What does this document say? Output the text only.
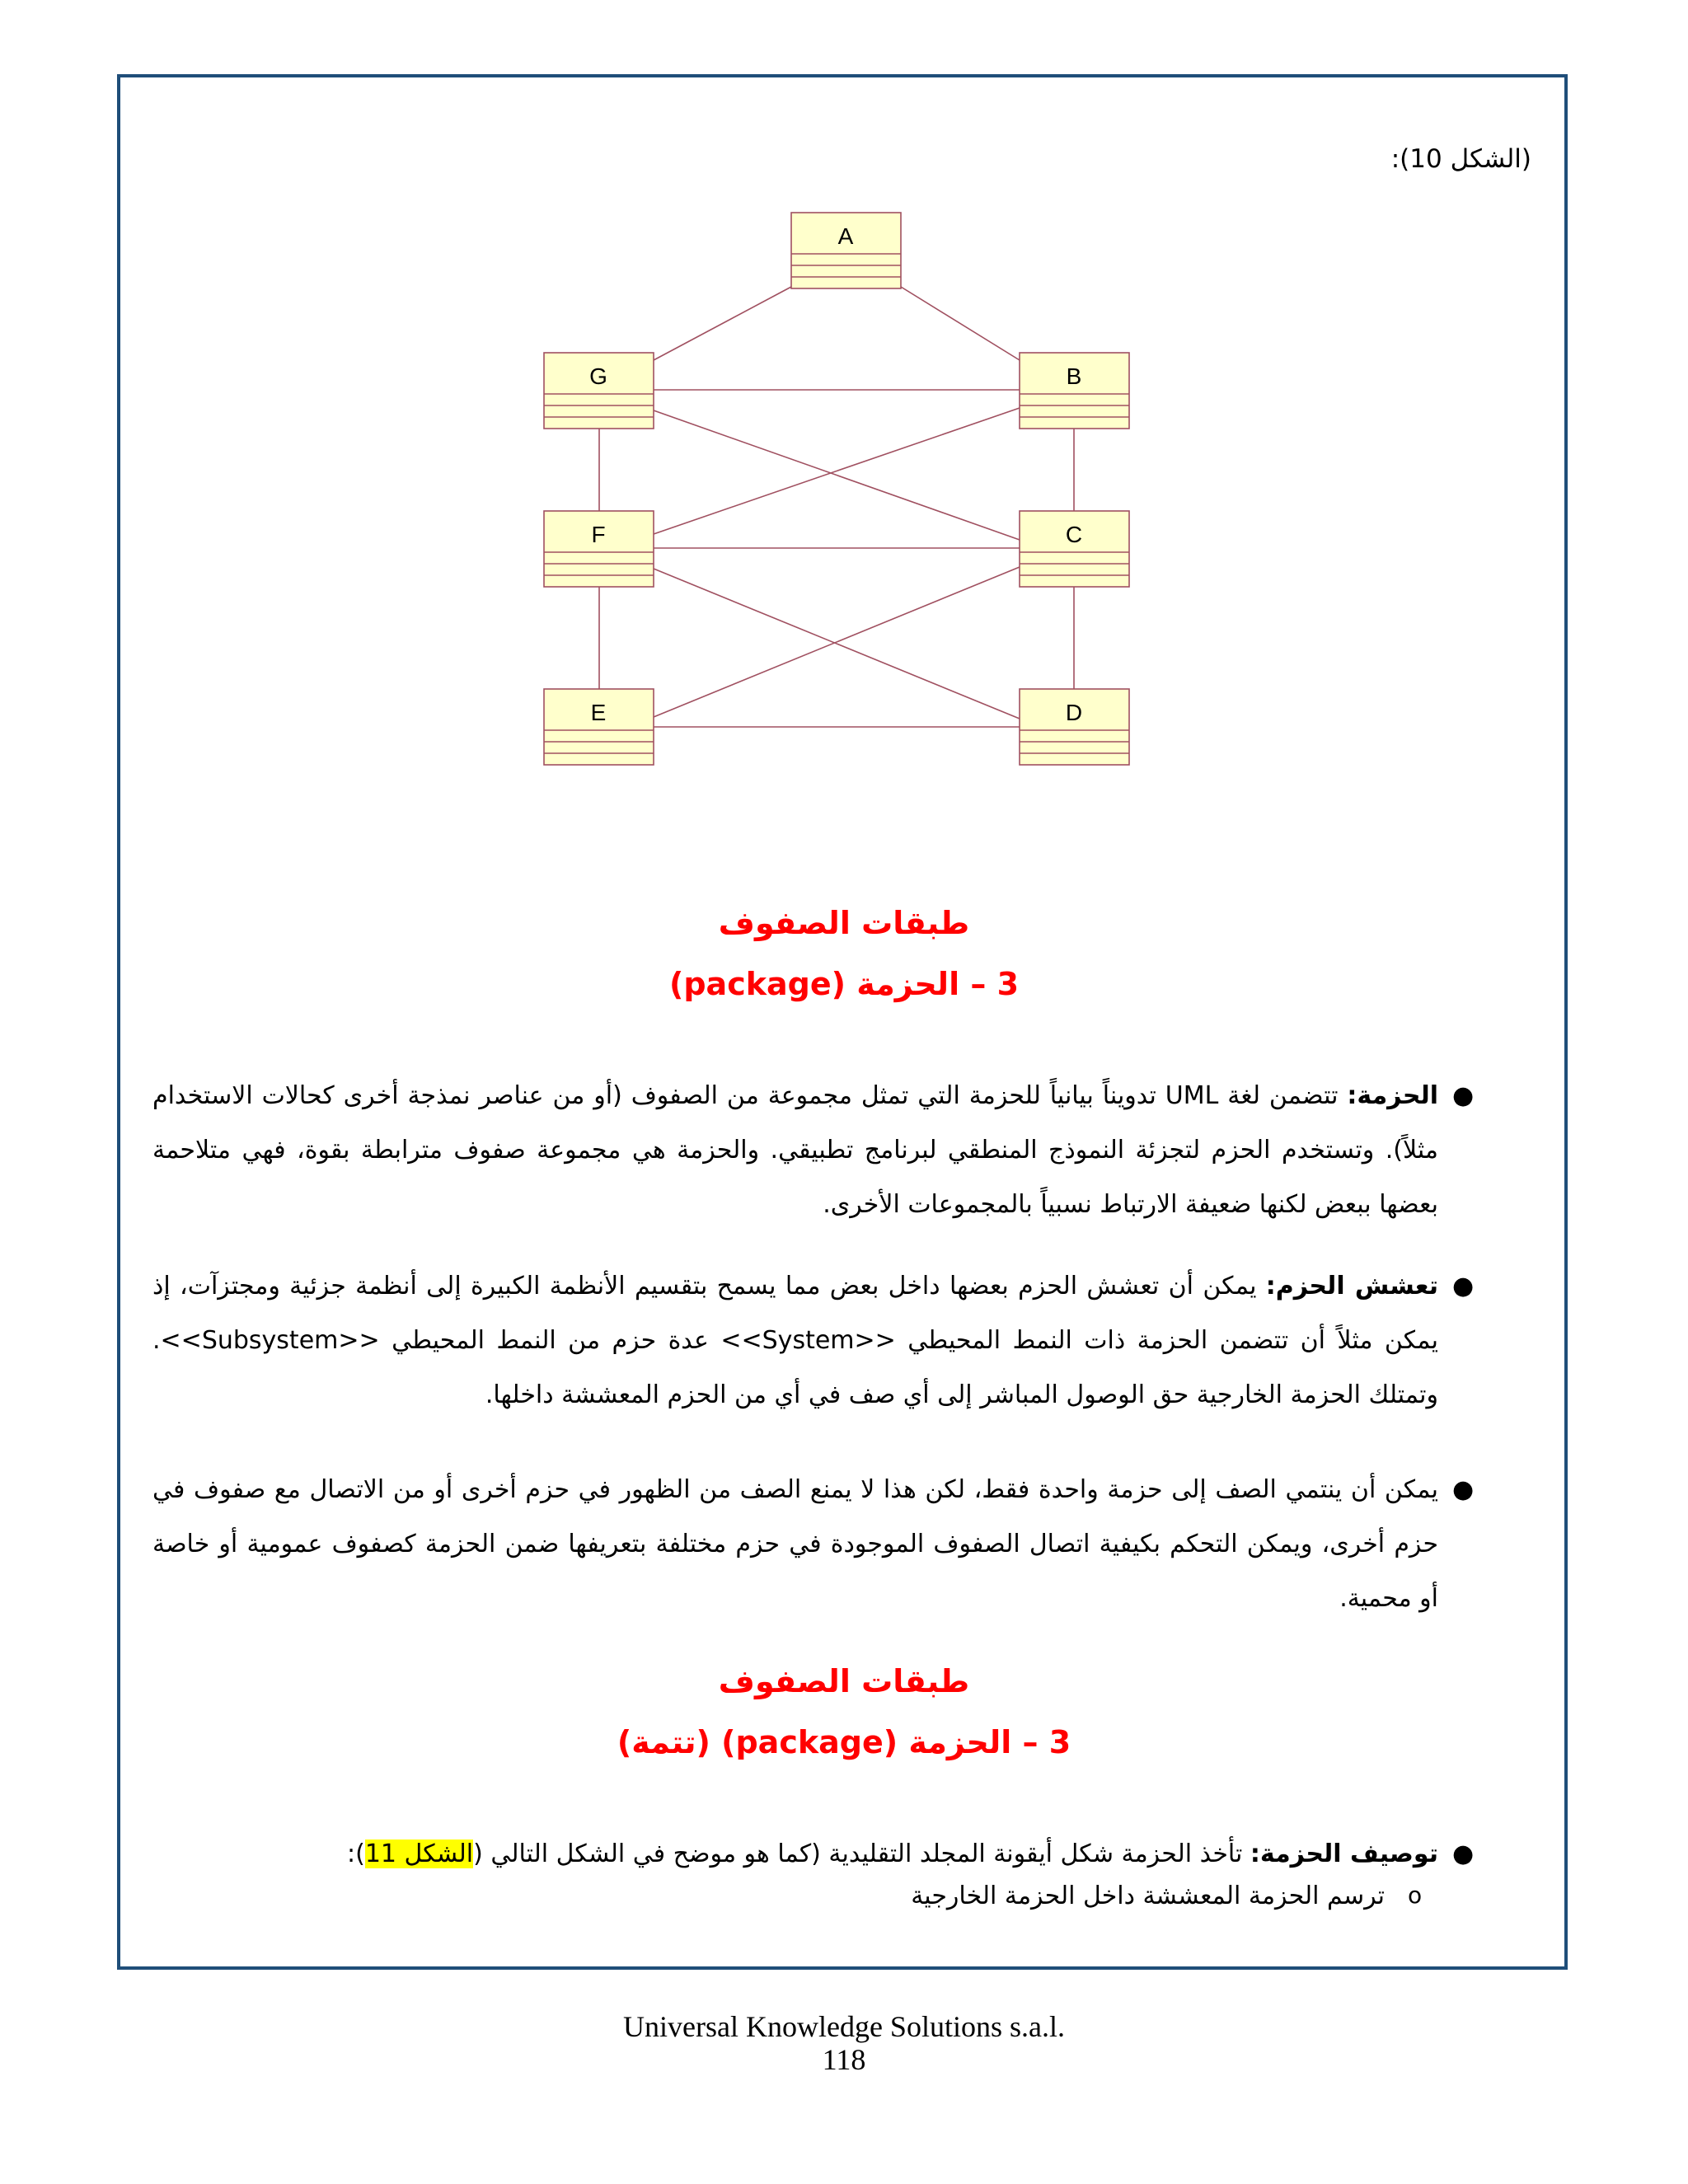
(الشكل 10):
A
G	B
F	C
E	D
طبقات الصفوف
3 – الحزمة (package)
●
الحزمة: تتضمن لغة UML تدويناً بيانياً للحزمة التي تمثل مجموعة من الصفوف (أو من عناصر نمذجة أخرى كحالات الاستخدام مثلاً). وتستخدم الحزم لتجزئة النموذج المنطقي لبرنامج تطبيقي. والحزمة هي مجموعة صفوف مترابطة بقوة، فهي متلاحمة بعضها ببعض لكنها ضعيفة الارتباط نسبياً بالمجموعات الأخرى.
●
تعشش الحزم: يمكن أن تعشش الحزم بعضها داخل بعض مما يسمح بتقسيم الأنظمة الكبيرة إلى أنظمة جزئية ومجتزآت، إذ يمكن مثلاً أن تتضمن الحزمة ذات النمط المحيطي <<System>> عدة حزم من النمط المحيطي <<Subsystem>>. وتمتلك الحزمة الخارجية حق الوصول المباشر إلى أي صف في أي من الحزم المعششة داخلها.
●
يمكن أن ينتمي الصف إلى حزمة واحدة فقط، لكن هذا لا يمنع الصف من الظهور في حزم أخرى أو من الاتصال مع صفوف في حزم أخرى، ويمكن التحكم بكيفية اتصال الصفوف الموجودة في حزم مختلفة بتعريفها ضمن الحزمة كصفوف عمومية أو خاصة أو محمية.
طبقات الصفوف
3 – الحزمة (package) (تتمة)
●
توصيف الحزمة: تأخذ الحزمة شكل أيقونة المجلد التقليدية (كما هو موضح في الشكل التالي (الشكل 11):
o
ترسم الحزمة المعششة داخل الحزمة الخارجية
Universal Knowledge Solutions s.a.l.
118
